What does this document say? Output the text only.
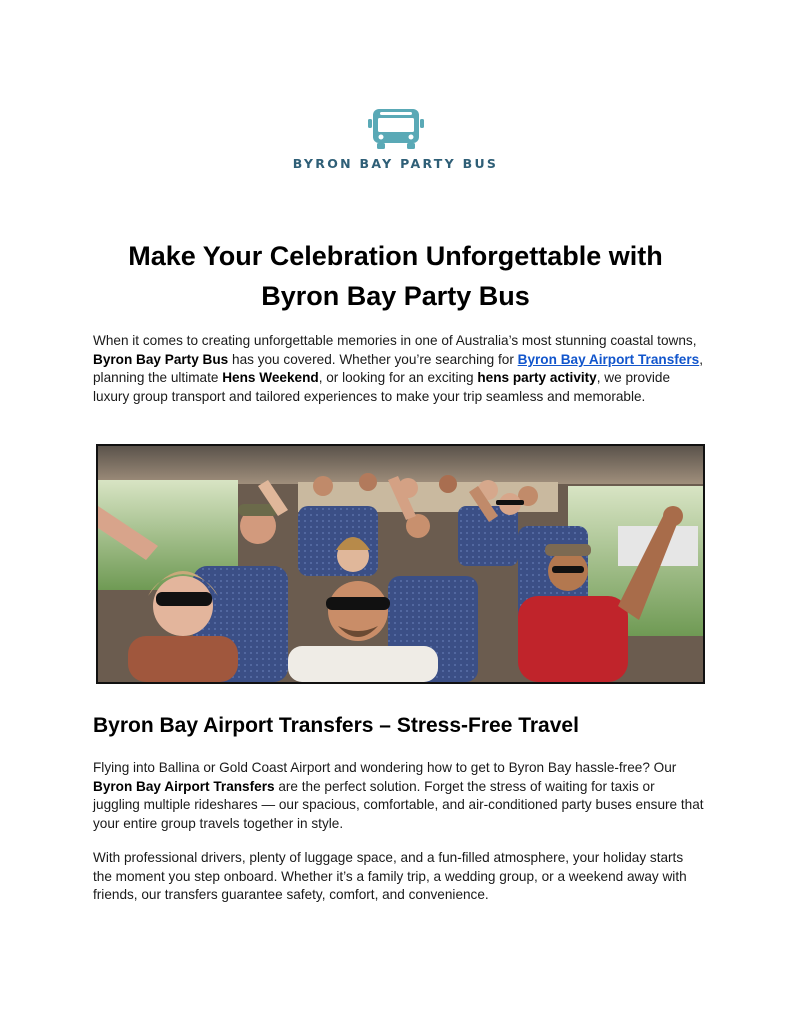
BYRON BAY PARTY BUS
Make Your Celebration Unforgettable with
Byron Bay Party Bus

When it comes to creating unforgettable memories in one of Australia’s most stunning coastal towns, Byron Bay Party Bus has you covered. Whether you’re searching for Byron Bay Airport Transfers, planning the ultimate Hens Weekend, or looking for an exciting hens party activity, we provide luxury group transport and tailored experiences to make your trip seamless and memorable.

Byron Bay Airport Transfers – Stress-Free Travel

Flying into Ballina or Gold Coast Airport and wondering how to get to Byron Bay hassle-free? Our Byron Bay Airport Transfers are the perfect solution. Forget the stress of waiting for taxis or juggling multiple rideshares — our spacious, comfortable, and air-conditioned party buses ensure that your entire group travels together in style.

With professional drivers, plenty of luggage space, and a fun-filled atmosphere, your holiday starts the moment you step onboard. Whether it’s a family trip, a wedding group, or a weekend away with friends, our transfers guarantee safety, comfort, and convenience.
